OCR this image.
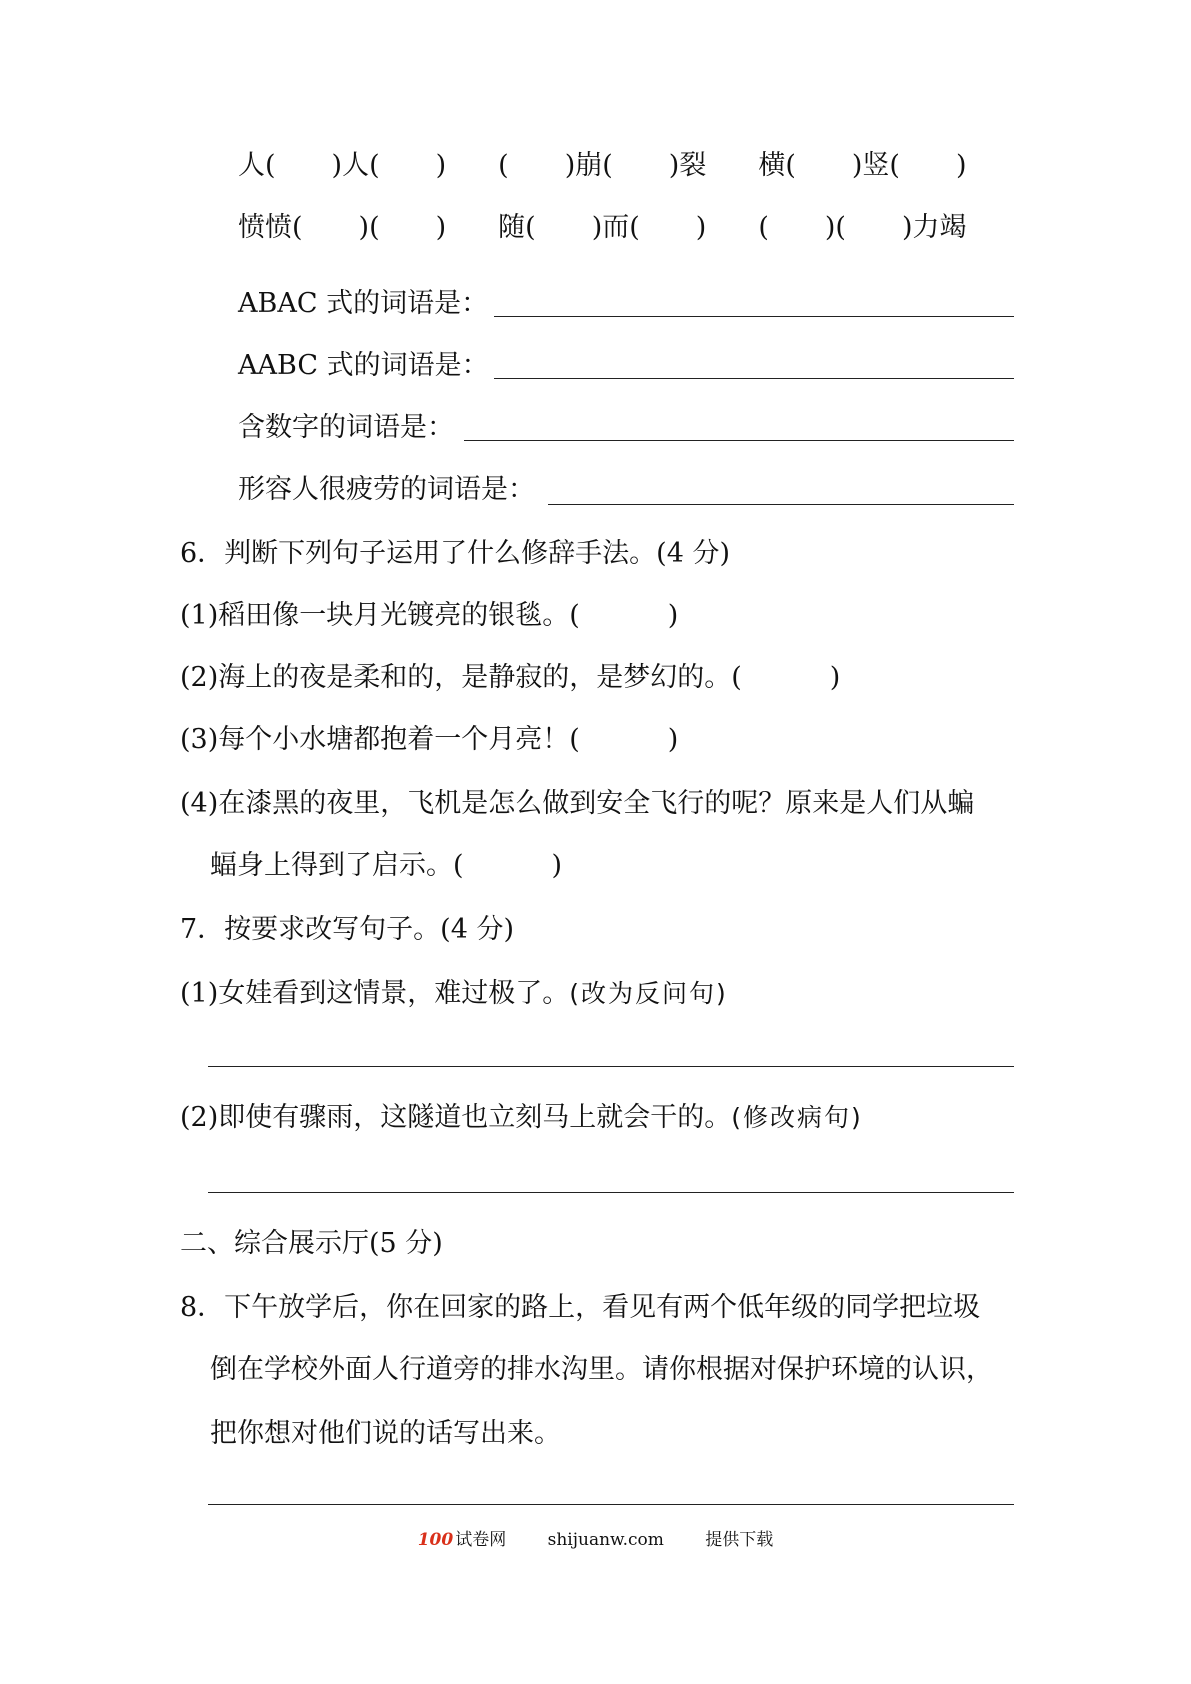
人( )人( ) ( )崩( )裂 横( )竖( )
愤愤( )( ) 随( )而( ) ( )( )力竭
ABAC 式的词语是：
AABC 式的词语是：
含数字的词语是：
形容人很疲劳的词语是：
6．判断下列句子运用了什么修辞手法。(4 分)
(1)稻田像一块月光镀亮的银毯。(	)
(2)海上的夜是柔和的，是静寂的，是梦幻的。(	)
(3)每个小水塘都抱着一个月亮！(	)
(4)在漆黑的夜里，飞机是怎么做到安全飞行的呢？原来是人们从蝙
蝠身上得到了启示。(	)
7．按要求改写句子。(4 分)
(1)女娃看到这情景，难过极了。(改为反问句)
(2)即使有骤雨，这隧道也立刻马上就会干的。(修改病句)
二、综合展示厅(5 分)
8．下午放学后，你在回家的路上，看见有两个低年级的同学把垃圾
倒在学校外面人行道旁的排水沟里。请你根据对保护环境的认识，
把你想对他们说的话写出来。
100 试卷网 shijuanw.com 提供下载
